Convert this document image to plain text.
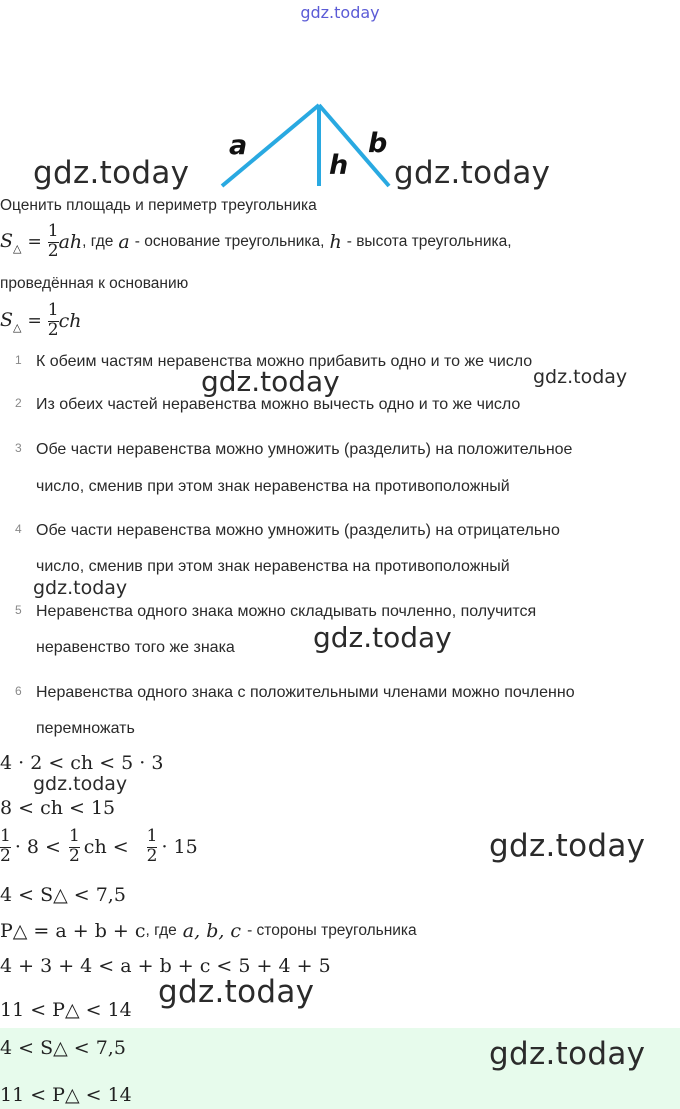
gdz.today
a
h
b
gdz.today	gdz.today
gdz.today	gdz.today
gdz.today
gdz.today
gdz.today
gdz.today
gdz.today
Оценить площадь и периметр треугольника
$S_\triangle = \frac{1}{2}$ ah , где a - основание треугольника, h - высота треугольника,
проведённая к основанию
$S_\triangle = \frac{1}{2}$ ch
1 К обеим частям неравенства можно прибавить одно и то же число
2 Из обеих частей неравенства можно вычесть одно и то же число
3 Обе части неравенства можно умножить (разделить) на положительное
число, сменив при этом знак неравенства на противоположный
4 Обе части неравенства можно умножить (разделить) на отрицательно
число, сменив при этом знак неравенства на противоположный
5 Неравенства одного знака можно складывать почленно, получится
неравенство того же знака
6 Неравенства одного знака с положительными членами можно почленно
перемножать
4 · 2 < ch < 5 · 3
8 < ch < 15
$\frac{1}{2} \cdot 8 < \frac{1}{2}$ ch < $\frac{1}{2} \cdot 15$
4 < S△ < 7,5
P△ = a + b + c , где a, b, c - стороны треугольника
4 + 3 + 4 < a + b + c < 5 + 4 + 5
11 < P△ < 14
4 < S△ < 7,5
11 < P△ < 14
gdz.today
